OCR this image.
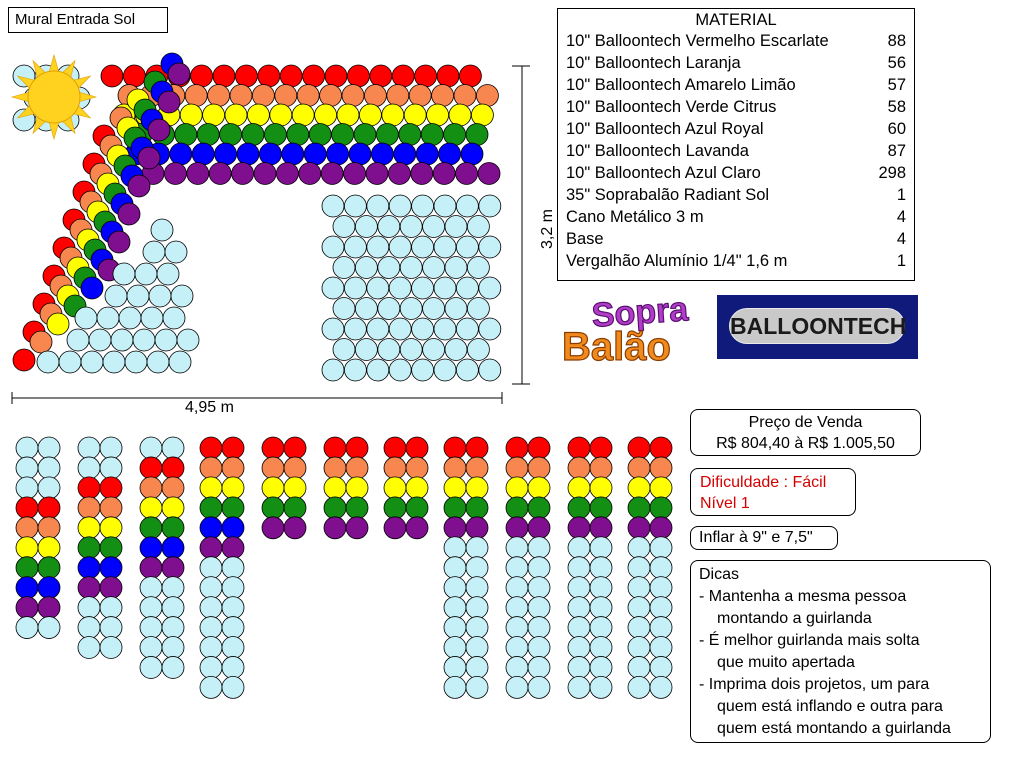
Mural Entrada Sol	MATERIAL
10" Balloontech Vermelho Escarlate	88
10" Balloontech Laranja	56
10" Balloontech Amarelo Limão	57
10" Balloontech Verde Citrus	58
10" Balloontech Azul Royal	60
10" Balloontech Lavanda	87
10" Balloontech Azul Claro	298
35" Soprabalão Radiant Sol	1
Cano Metálico 3 m	4
Base	4
Vergalhão Alumínio 1/4" 1,6 m	1
4,95 m
3,2 m
Sopra
Balão	BALLOONTECH
Preço de Venda
R$ 804,40 à R$ 1.005,50
Dificuldade : Fácil
Nível 1
Inflar à 9" e 7,5"
Dicas
- Mantenha a mesma pessoa
montando a guirlanda
- É melhor guirlanda mais solta
que muito apertada
- Imprima dois projetos, um para
quem está inflando e outra para
quem está montando a guirlanda
